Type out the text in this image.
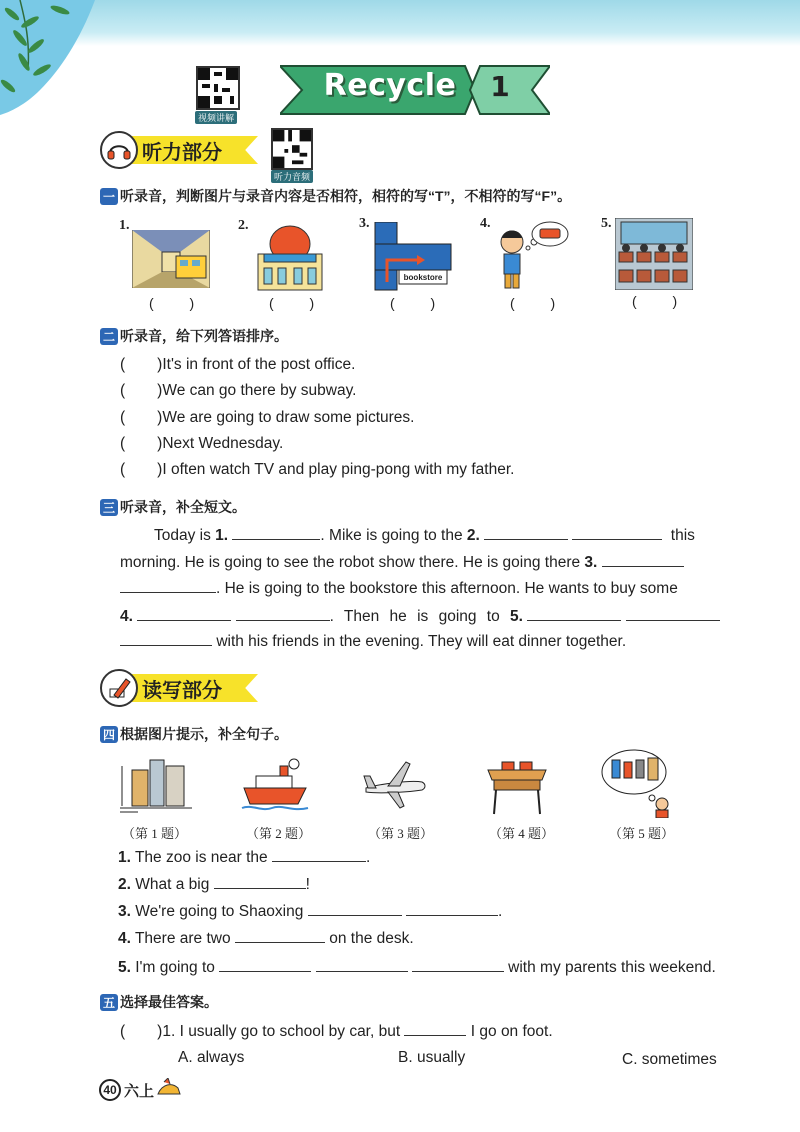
视频讲解
Recycle 1
听力部分
听力音频
一 听录音，判断图片与录音内容是否相符，相符的写“T”，不相符的写“F”。
1.
( )
2.
( )
3.
bookstore
( )
4.
( )
5.
( )
二 听录音，给下列答语排序。
( )It's in front of the post office.
( )We can go there by subway.
( )We are going to draw some pictures.
( )Next Wednesday.
( )I often watch TV and play ping-pong with my father.
三 听录音，补全短文。
Today is 1.	. Mike is going to the 2.	this
morning. He is going to see the robot show there. He is going there 3.
. He is going to the bookstore this afternoon. He wants to buy some
4.	. Then he is going to 5.
with his friends in the evening. They will eat dinner together.
读写部分
四 根据图片提示，补全句子。
（第 1 题）	（第 2 题）	（第 3 题）	（第 4 题）	（第 5 题）
1. The zoo is near the	.
2. What a big	!
3. We're going to Shaoxing	.
4. There are two	on the desk.
5. I'm going to	with my parents this weekend.
五 选择最佳答案。
( )1. I usually go to school by car, but	I go on foot.
A. always	B. usually	C. sometimes
40 六上
